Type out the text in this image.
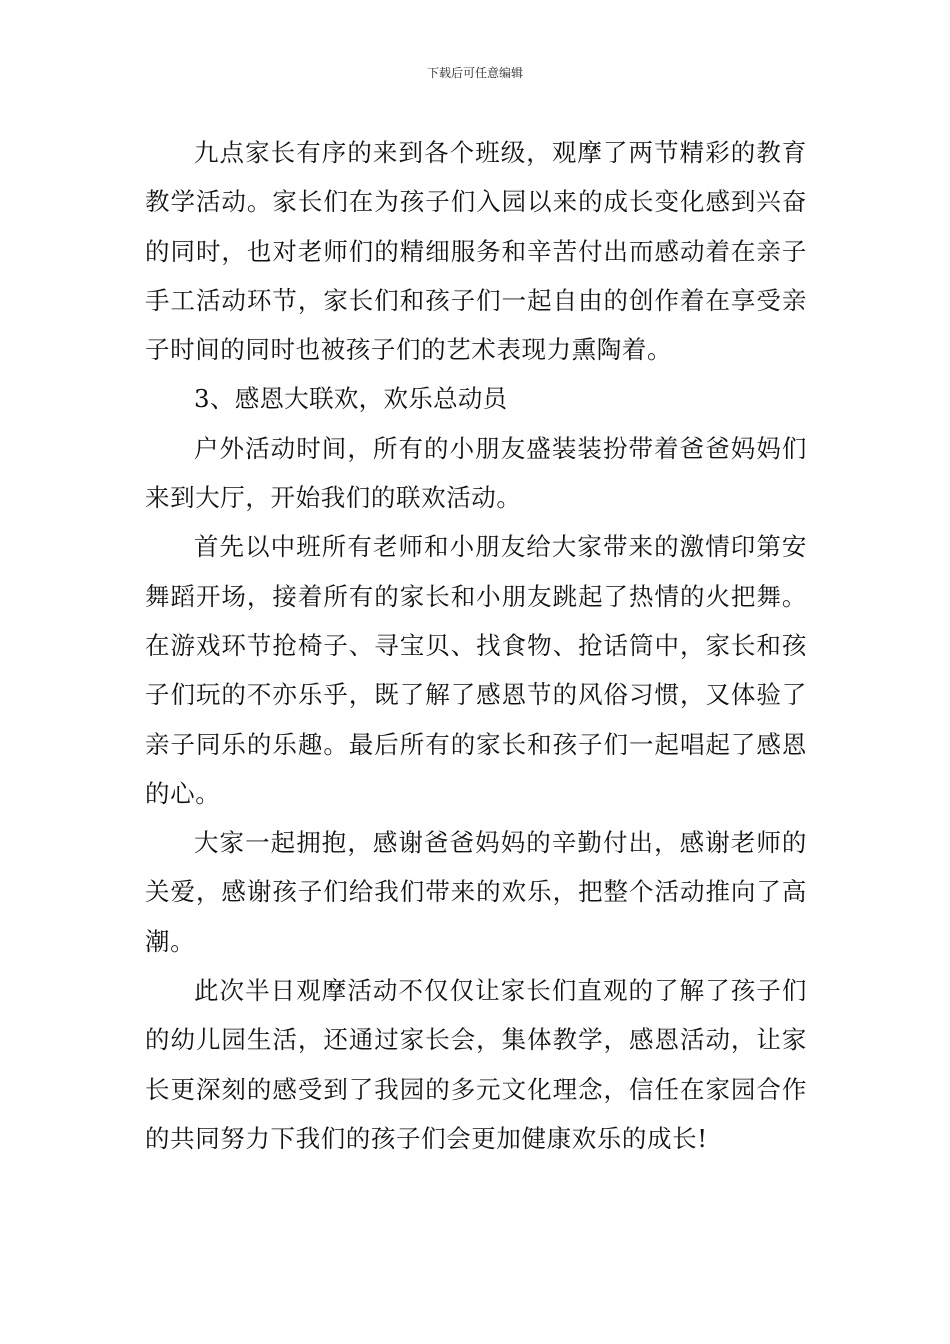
下载后可任意编辑

九点家长有序的来到各个班级，观摩了两节精彩的教育教学活动。家长们在为孩子们入园以来的成长变化感到兴奋的同时，也对老师们的精细服务和辛苦付出而感动着在亲子手工活动环节，家长们和孩子们一起自由的创作着在享受亲子时间的同时也被孩子们的艺术表现力熏陶着。

3、感恩大联欢，欢乐总动员

户外活动时间，所有的小朋友盛装装扮带着爸爸妈妈们来到大厅，开始我们的联欢活动。

首先以中班所有老师和小朋友给大家带来的激情印第安舞蹈开场，接着所有的家长和小朋友跳起了热情的火把舞。在游戏环节抢椅子、寻宝贝、找食物、抢话筒中，家长和孩子们玩的不亦乐乎，既了解了感恩节的风俗习惯，又体验了亲子同乐的乐趣。最后所有的家长和孩子们一起唱起了感恩的心。

大家一起拥抱，感谢爸爸妈妈的辛勤付出，感谢老师的关爱，感谢孩子们给我们带来的欢乐，把整个活动推向了高 潮。

此次半日观摩活动不仅仅让家长们直观的了解了孩子们的幼儿园生活，还通过家长会，集体教学，感恩活动，让家长更深刻的感受到了我园的多元文化理念，信任在家园合作的共同努力下我们的孩子们会更加健康欢乐的成长!
